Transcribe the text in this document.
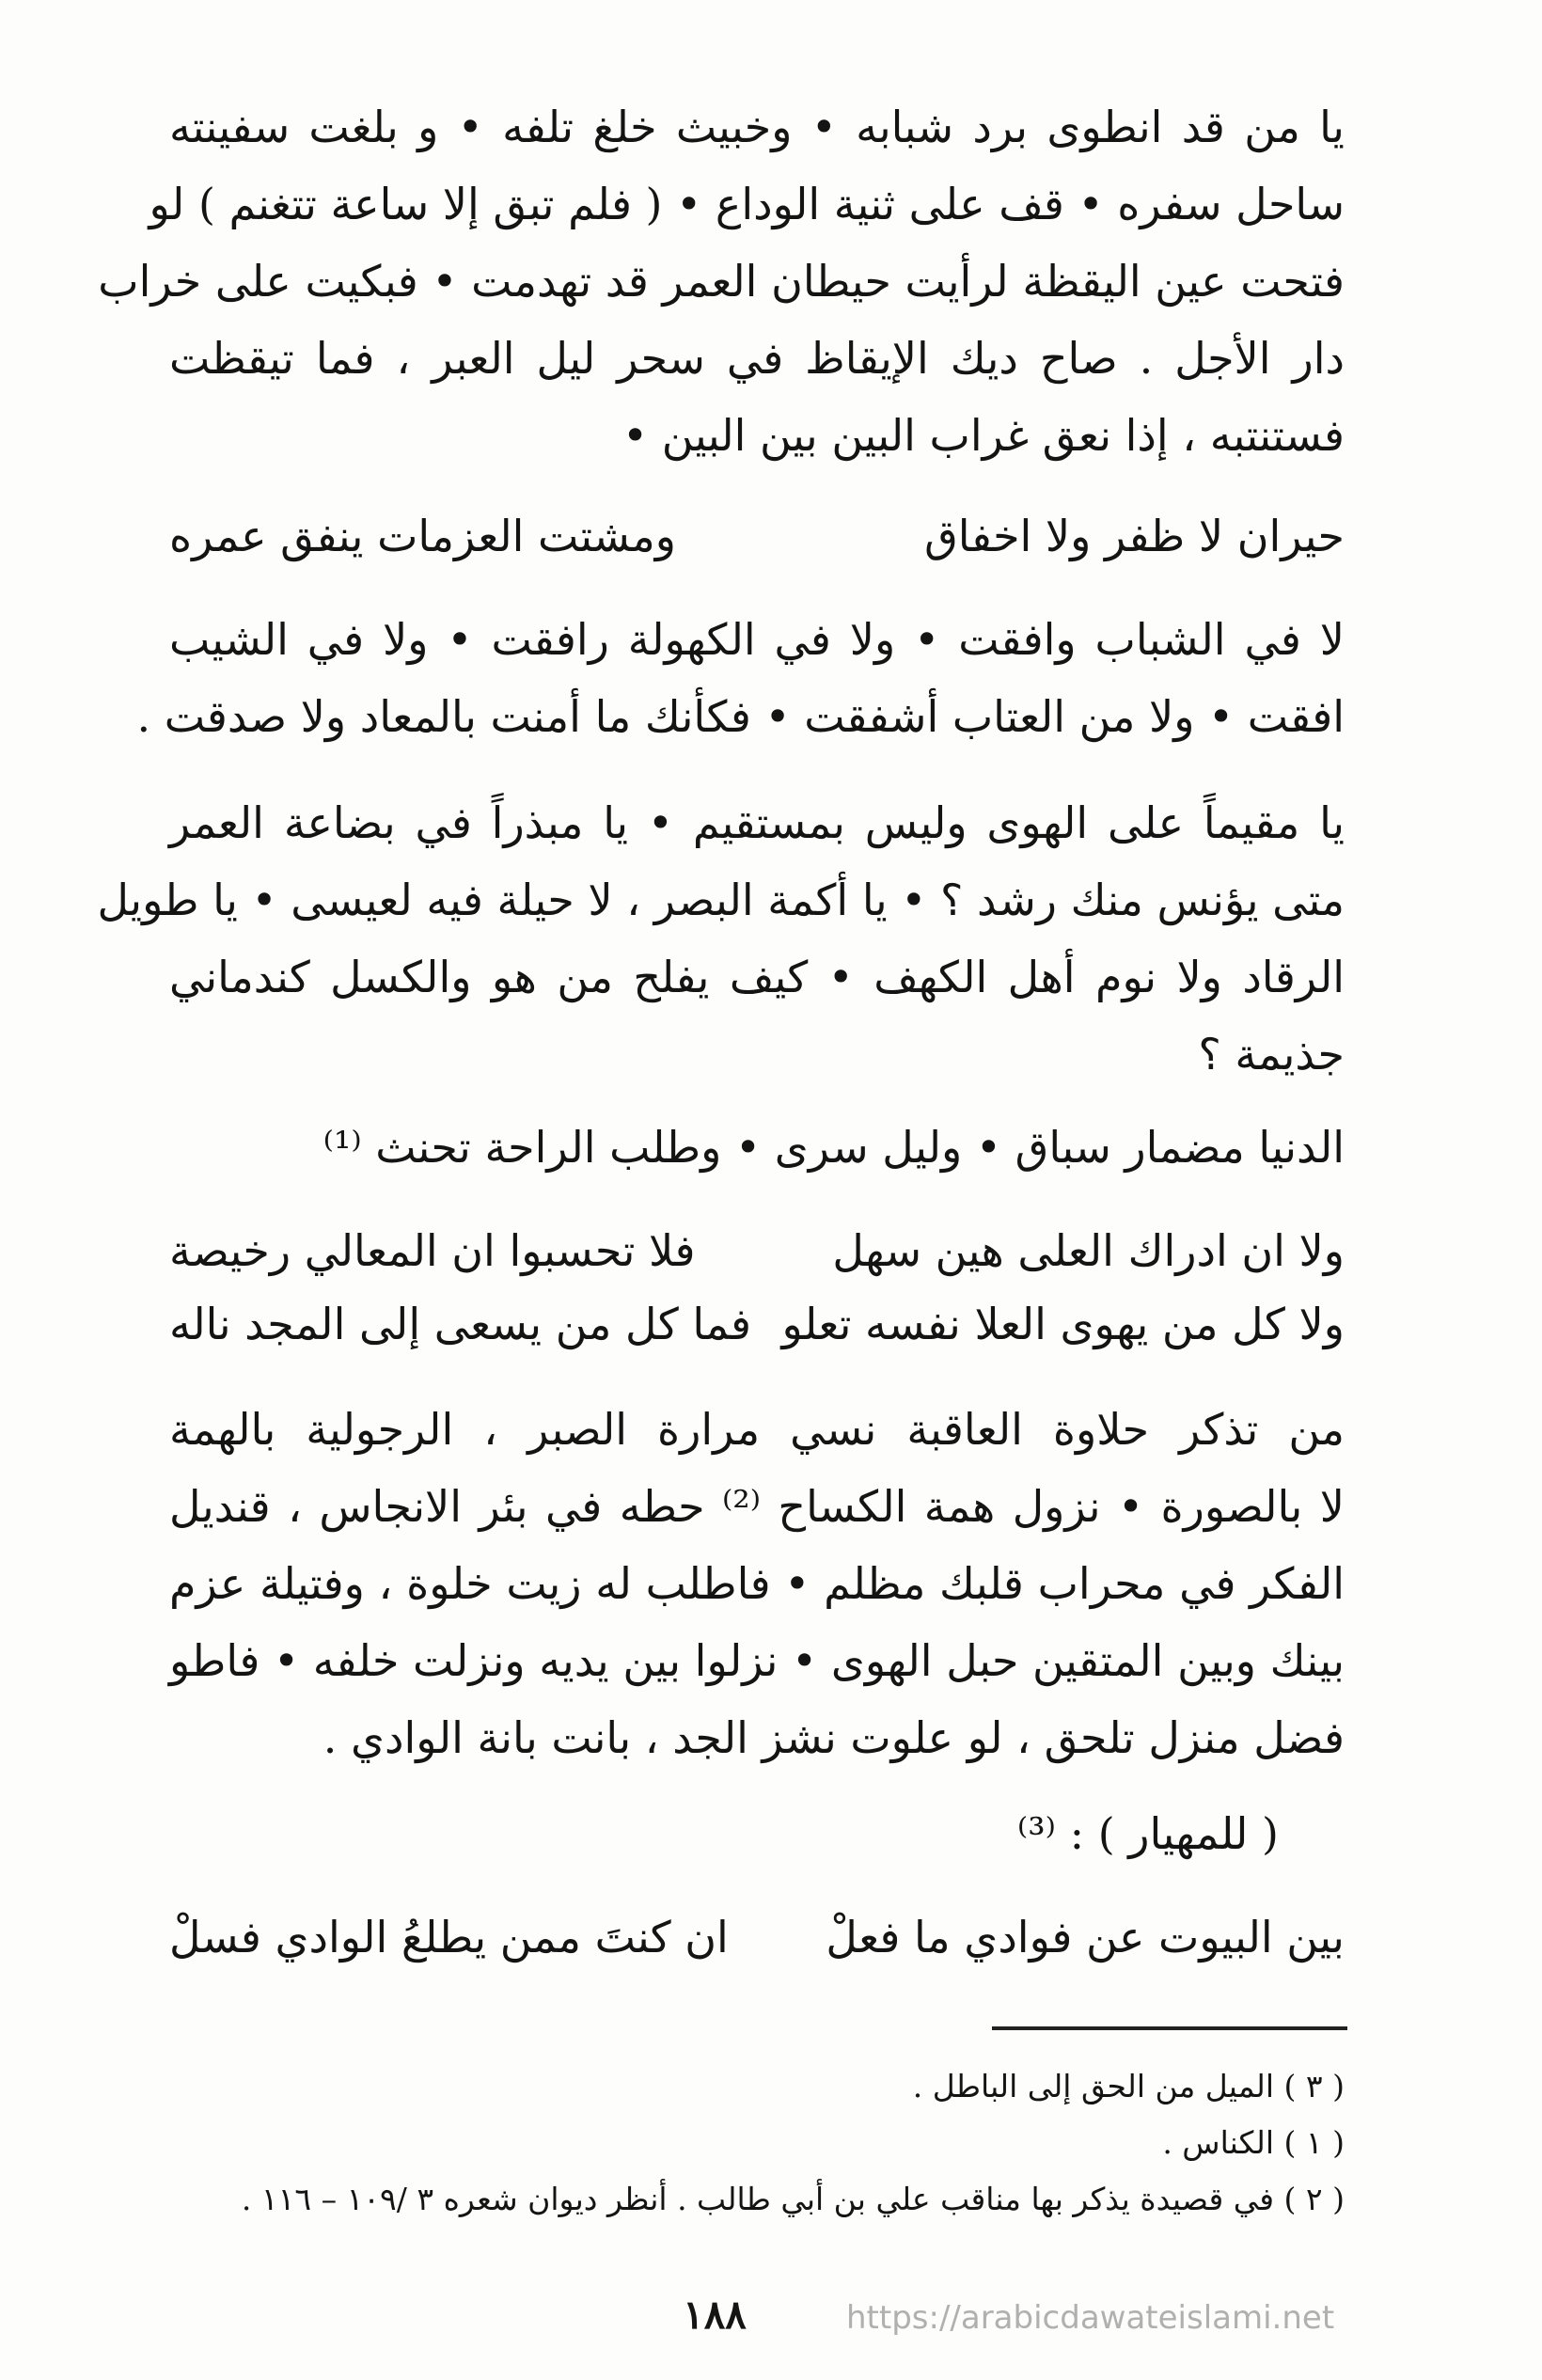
يا من قد انطوى برد شبابه • وخبيث خلغ تلفه • و بلغت سفينته
ساحل سفره • قف على ثنية الوداع • ( فلم تبق إلا ساعة تتغنم ) لو
فتحت عين اليقظة لرأيت حيطان العمر قد تهدمت • فبكيت على خراب
دار الأجل . صاح ديك الإيقاظ في سحر ليل العبر ، فما تيقظت
فستنتبه ، إذا نعق غراب البين بين البين •
ومشتت العزمات ينفق عمره	حيران لا ظفر ولا اخفاق
لا في الشباب وافقت • ولا في الكهولة رافقت • ولا في الشيب
افقت • ولا من العتاب أشفقت • فكأنك ما أمنت بالمعاد ولا صدقت .
يا مقيماً على الهوى وليس بمستقيم • يا مبذراً في بضاعة العمر
متى يؤنس منك رشد ؟ • يا أكمة البصر ، لا حيلة فيه لعيسى • يا طويل
الرقاد ولا نوم أهل الكهف • كيف يفلح من هو والكسل كندماني
جذيمة ؟
الدنيا مضمار سباق • وليل سرى • وطلب الراحة تحنث ⁽¹⁾
فلا تحسبوا ان المعالي رخيصة	ولا ان ادراك العلى هين سهل
فما كل من يسعى إلى المجد ناله ولا كل من يهوى العلا نفسه تعلو
من تذكر حلاوة العاقبة نسي مرارة الصبر ، الرجولية بالهمة
لا بالصورة • نزول همة الكساح ⁽²⁾ حطه في بئر الانجاس ، قنديل
الفكر في محراب قلبك مظلم • فاطلب له زيت خلوة ، وفتيلة عزم
بينك وبين المتقين حبل الهوى • نزلوا بين يديه ونزلت خلفه • فاطو
فضل منزل تلحق ، لو علوت نشز الجد ، بانت بانة الوادي .
( للمهيار ) : ⁽³⁾
ان كنتَ ممن يطلعُ الوادي فسلْ بين البيوت عن فوادي ما فعلْ
( ٣ ) الميل من الحق إلى الباطل .
( ١ ) الكناس .
( ٢ ) في قصيدة يذكر بها مناقب علي بن أبي طالب . أنظر ديوان شعره ٣ /١٠٩ – ١١٦ .
١٨٨	https://arabicdawateislami.net
